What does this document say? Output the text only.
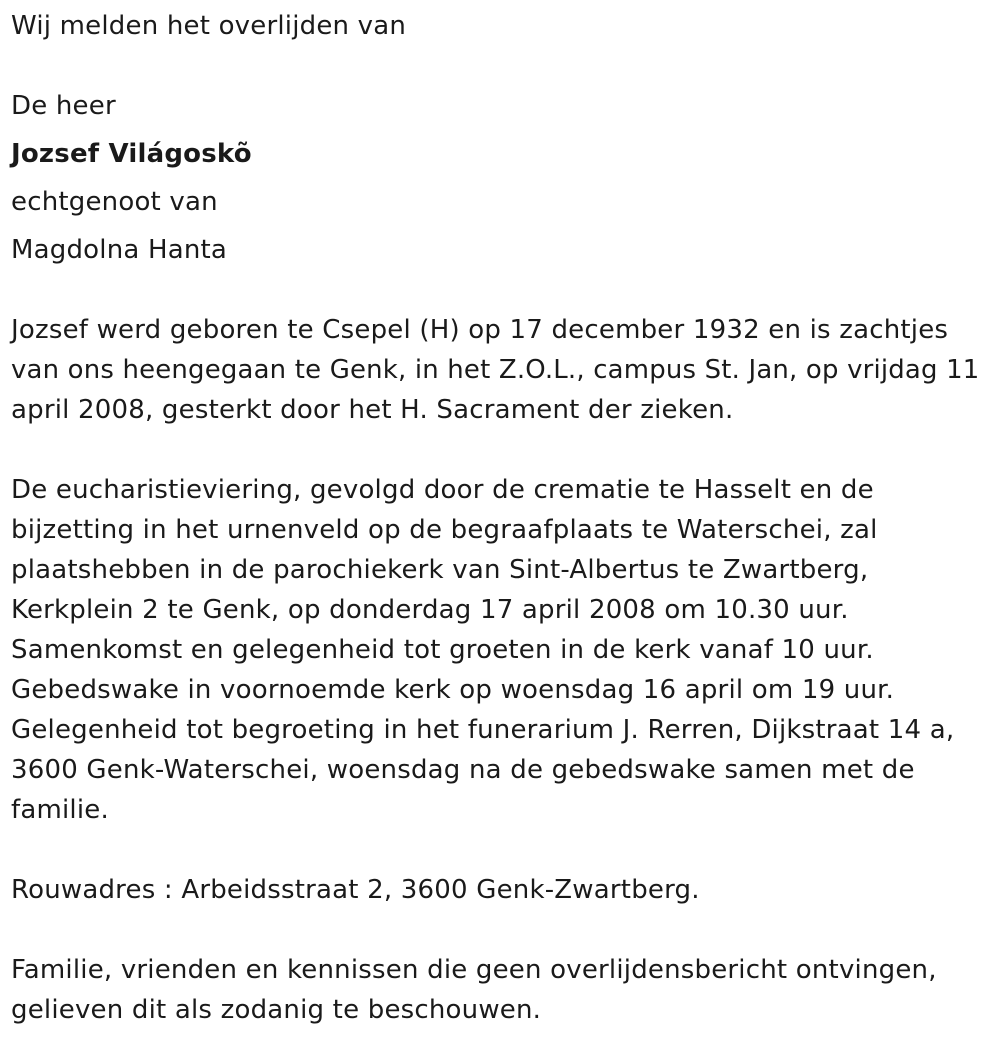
Wij melden het overlijden van
De heer
Jozsef Világoskõ
echtgenoot van
Magdolna Hanta
Jozsef werd geboren te Csepel (H) op 17 december 1932 en is zachtjes
van ons heengegaan te Genk, in het Z.O.L., campus St. Jan, op vrijdag 11
april 2008, gesterkt door het H. Sacrament der zieken.
De eucharistieviering, gevolgd door de crematie te Hasselt en de
bijzetting in het urnenveld op de begraafplaats te Waterschei, zal
plaatshebben in de parochiekerk van Sint-Albertus te Zwartberg,
Kerkplein 2 te Genk, op donderdag 17 april 2008 om 10.30 uur.
Samenkomst en gelegenheid tot groeten in de kerk vanaf 10 uur.
Gebedswake in voornoemde kerk op woensdag 16 april om 19 uur.
Gelegenheid tot begroeting in het funerarium J. Rerren, Dijkstraat 14 a,
3600 Genk-Waterschei, woensdag na de gebedswake samen met de
familie.
Rouwadres : Arbeidsstraat 2, 3600 Genk-Zwartberg.
Familie, vrienden en kennissen die geen overlijdensbericht ontvingen,
gelieven dit als zodanig te beschouwen.
